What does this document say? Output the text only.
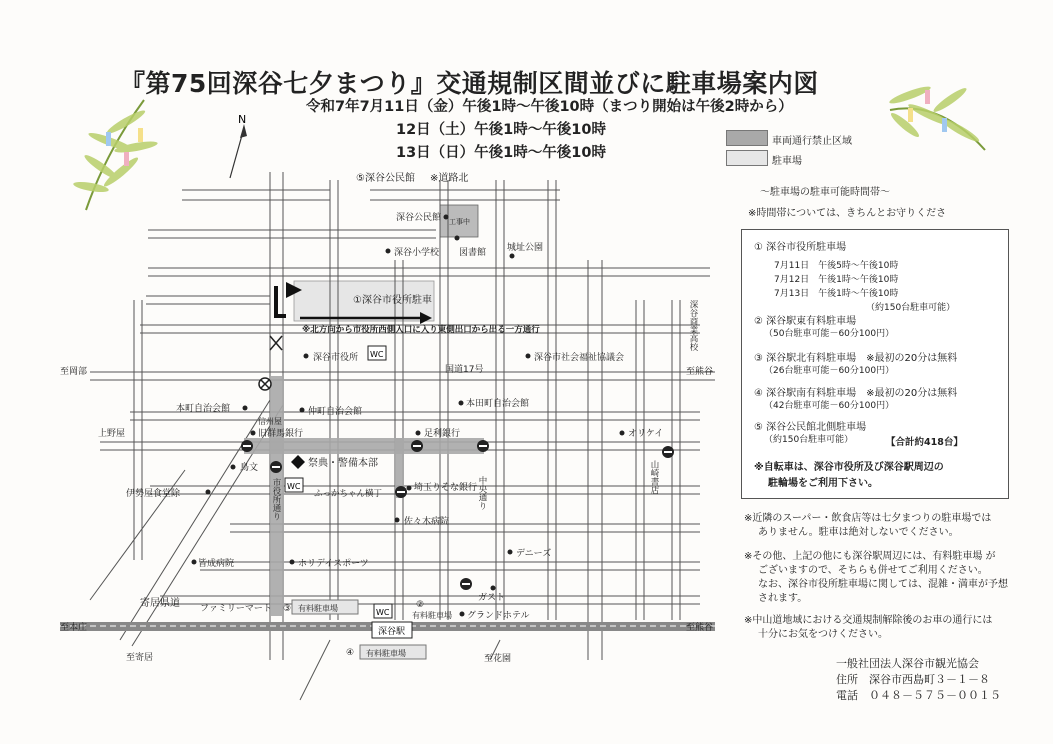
『第75回深谷七夕まつり』交通規制区間並びに駐車場案内図
令和7年7月11日（金）午後1時～午後10時（まつり開始は午後2時から）
12日（土）午後1時～午後10時
13日（日）午後1時～午後10時
車両通行禁止区域
駐車場
N
WC
WC
WC
深谷駅
⑤深谷公民館 ※道路北
深谷公民館 工事中
深谷小学校 図書館 城址公園
①深谷市役所駐車
※北方向から市役所西側入口に入り東側出口から出る一方通行
深谷市役所	深谷市社会福祉協議会
国道17号
至岡部	至熊谷
本町自治会館	仲町自治会館
本田町自治会館
信州屋
上野屋	旧群馬銀行	足利銀行	オリケイ
祭典・警備本部
鳥文
伊勢屋食堂除	ふっかちゃん横丁
埼玉りそな銀行
佐々木病院
皆成病院	ホリデイスポーツ
デニーズ
ガスト
寄居県道 ファミリーマート ③ 有料駐車場	②
有料駐車場 グランドホテル
至本庄	至熊谷
④ 有料駐車場
至寄居	至花園
深谷商業高校
山崎書店
市役所通り	中央通り
～駐車場の駐車可能時間帯～
※時間帯については、きちんとお守りくださ
① 深谷市役所駐車場
7月11日　午後5時～午後10時
7月12日　午後1時～午後10時
7月13日　午後1時～午後10時
（約150台駐車可能）
② 深谷駅東有料駐車場
（50台駐車可能－60分100円）
③ 深谷駅北有料駐車場　※最初の20分は無料
（26台駐車可能－60分100円）
④ 深谷駅南有料駐車場　※最初の20分は無料
（42台駐車可能－60分100円）
⑤ 深谷公民館北側駐車場
（約150台駐車可能）	【合計約418台】
※自転車は、深谷市役所及び深谷駅周辺の
駐輪場をご利用下さい。
※近隣のスーパー・飲食店等は七夕まつりの駐車場では
ありません。駐車は絶対しないでください。
※その他、上記の他にも深谷駅周辺には、有料駐車場 が
ございますので、そちらも併せてご利用ください。
なお、深谷市役所駐車場に関しては、混雑・満車が予想
されます。
※中山道地域における交通規制解除後のお車の通行には
十分にお気をつけください。
一般社団法人深谷市観光協会
住所　深谷市西島町３－１－８
電話　０４８－５７５－００１５
